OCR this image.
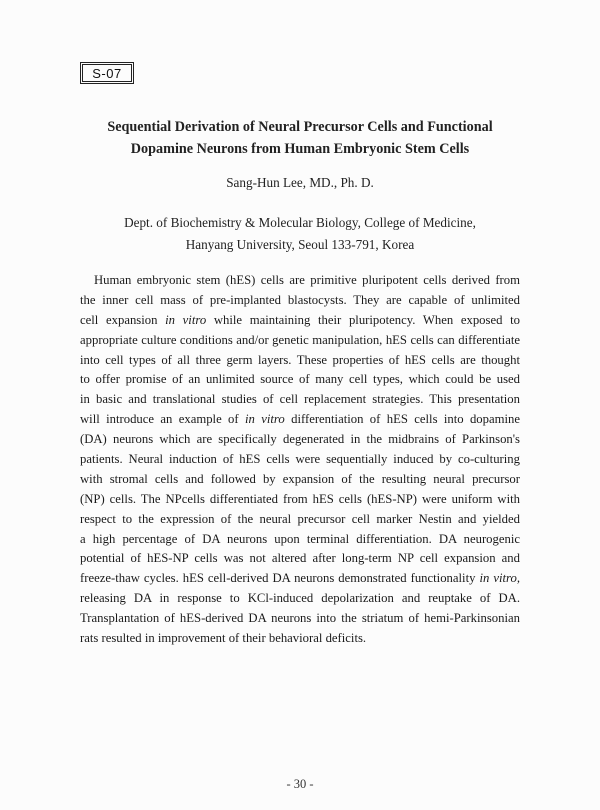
S-07
Sequential Derivation of Neural Precursor Cells and Functional
Dopamine Neurons from Human Embryonic Stem Cells
Sang-Hun Lee, MD., Ph. D.
Dept. of Biochemistry & Molecular Biology, College of Medicine,
Hanyang University, Seoul 133-791, Korea
Human embryonic stem (hES) cells are primitive pluripotent cells derived from
the inner cell mass of pre-implanted blastocysts. They are capable of unlimited
cell expansion in vitro while maintaining their pluripotency. When exposed to
appropriate culture conditions and/or genetic manipulation, hES cells can differentiate
into cell types of all three germ layers. These properties of hES cells are thought
to offer promise of an unlimited source of many cell types, which could be used
in basic and translational studies of cell replacement strategies. This presentation
will introduce an example of in vitro differentiation of hES cells into dopamine
(DA) neurons which are specifically degenerated in the midbrains of Parkinson's
patients. Neural induction of hES cells were sequentially induced by co-culturing
with stromal cells and followed by expansion of the resulting neural precursor
(NP) cells. The NPcells differentiated from hES cells (hES-NP) were uniform with
respect to the expression of the neural precursor cell marker Nestin and yielded
a high percentage of DA neurons upon terminal differentiation. DA neurogenic
potential of hES-NP cells was not altered after long-term NP cell expansion and
freeze-thaw cycles. hES cell-derived DA neurons demonstrated functionality in vitro,
releasing DA in response to KCl-induced depolarization and reuptake of DA.
Transplantation of hES-derived DA neurons into the striatum of hemi-Parkinsonian
rats resulted in improvement of their behavioral deficits.
- 30 -
